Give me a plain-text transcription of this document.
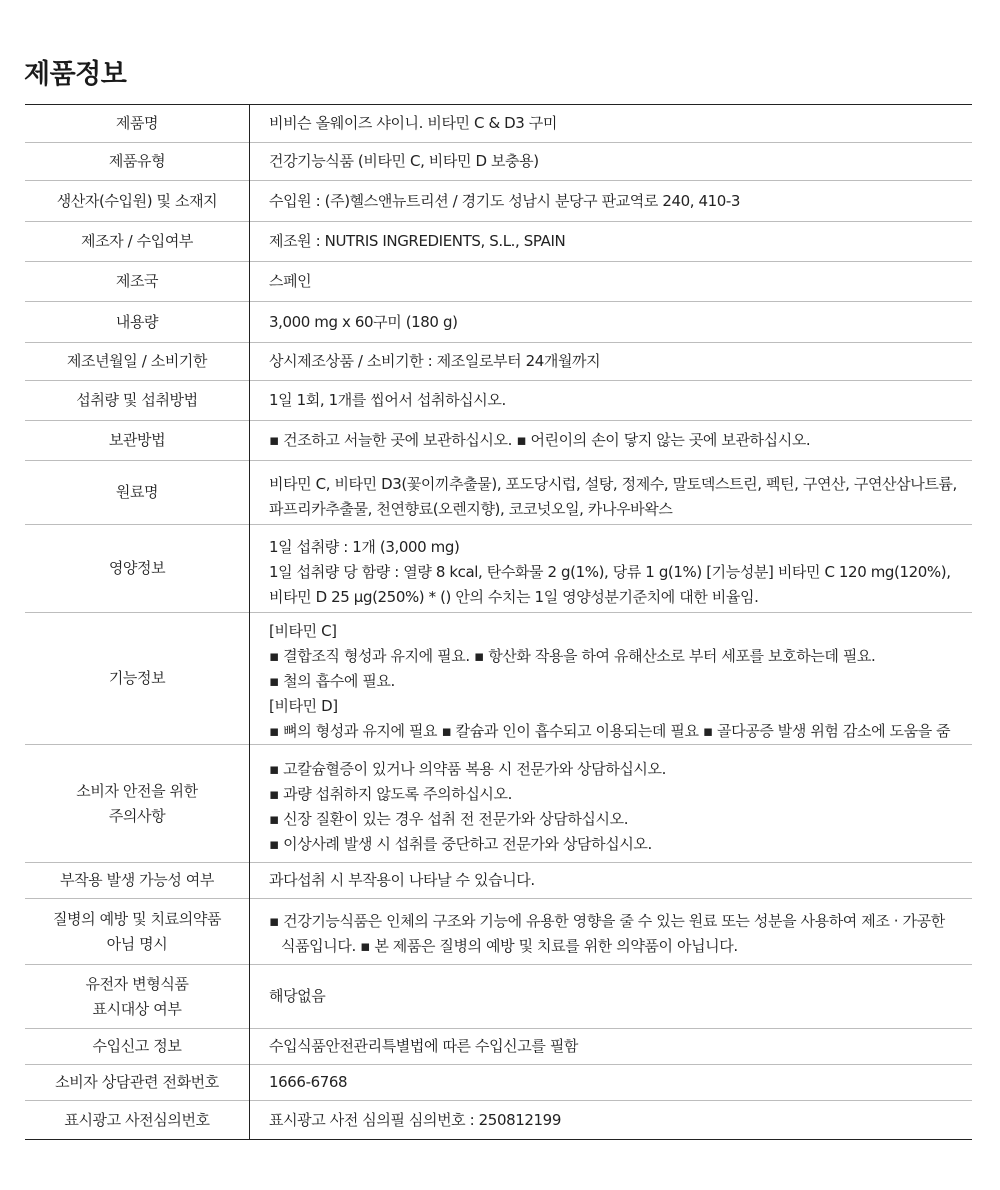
제품정보
제품명	비비슨 올웨이즈 샤이니. 비타민 C & D3 구미

제품유형	건강기능식품 (비타민 C, 비타민 D 보충용)

생산자(수입원) 및 소재지	수입원 : (주)헬스앤뉴트리션 / 경기도 성남시 분당구 판교역로 240, 410-3

제조자 / 수입여부	제조원 : NUTRIS INGREDIENTS, S.L., SPAIN

제조국	스페인

내용량	3,000 mg x 60구미 (180 g)

제조년월일 / 소비기한	상시제조상품 / 소비기한 : 제조일로부터 24개월까지

섭취량 및 섭취방법	1일 1회, 1개를 씹어서 섭취하십시오.

보관방법	▪ 건조하고 서늘한 곳에 보관하십시오. ▪ 어린이의 손이 닿지 않는 곳에 보관하십시오.

원료명	비타민 C, 비타민 D3(꽃이끼추출물), 포도당시럽, 설탕, 정제수, 말토덱스트린, 펙틴, 구연산, 구연산삼나트륨,
파프리카추출물, 천연향료(오렌지향), 코코넛오일, 카나우바왁스

영양정보	1일 섭취량 : 1개 (3,000 mg)
1일 섭취량 당 함량 : 열량 8 kcal, 탄수화물 2 g(1%), 당류 1 g(1%) [기능성분] 비타민 C 120 mg(120%),
비타민 D 25 μg(250%) * () 안의 수치는 1일 영양성분기준치에 대한 비율임.

기능정보	[비타민 C]
▪ 결합조직 형성과 유지에 필요. ▪ 항산화 작용을 하여 유해산소로 부터 세포를 보호하는데 필요.
▪ 철의 흡수에 필요.
[비타민 D]
▪ 뼈의 형성과 유지에 필요 ▪ 칼슘과 인이 흡수되고 이용되는데 필요 ▪ 골다공증 발생 위험 감소에 도움을 줌

소비자 안전을 위한
주의사항	▪ 고칼슘혈증이 있거나 의약품 복용 시 전문가와 상담하십시오.
▪ 과량 섭취하지 않도록 주의하십시오.
▪ 신장 질환이 있는 경우 섭취 전 전문가와 상담하십시오.
▪ 이상사례 발생 시 섭취를 중단하고 전문가와 상담하십시오.

부작용 발생 가능성 여부	과다섭취 시 부작용이 나타날 수 있습니다.

질병의 예방 및 치료의약품
아님 명시	▪ 건강기능식품은 인체의 구조와 기능에 유용한 영향을 줄 수 있는 원료 또는 성분을 사용하여 제조 · 가공한
식품입니다. ▪ 본 제품은 질병의 예방 및 치료를 위한 의약품이 아닙니다.

유전자 변형식품
표시대상 여부	해당없음

수입신고 정보	수입식품안전관리특별법에 따른 수입신고를 필함

소비자 상담관련 전화번호	1666-6768

표시광고 사전심의번호	표시광고 사전 심의필 심의번호 : 250812199
